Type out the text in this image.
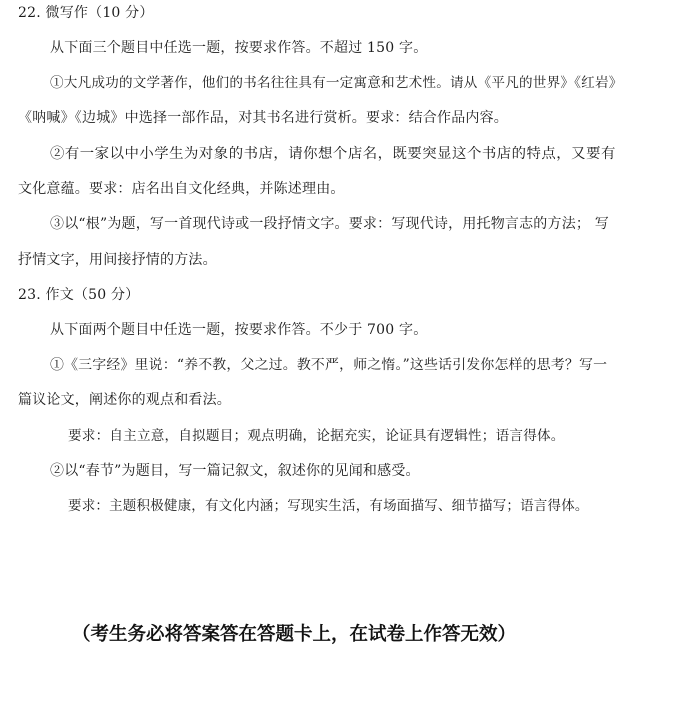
​
22. 微写作（10 分）
从下面三个题目中任选一题，按要求作答。不超过 150 字。
①大凡成功的文学著作，他们的书名往往具有一定寓意和艺术性。请从《平凡的世界》《红岩》
《呐喊》《边城》中选择一部作品，对其书名进行赏析。要求：结合作品内容。
②有一家以中小学生为对象的书店，请你想个店名，既要突显这个书店的特点，又要有
文化意蕴。要求：店名出自文化经典，并陈述理由。
③以“根”为题，写一首现代诗或一段抒情文字。要求：写现代诗，用托物言志的方法； 写
抒情文字，用间接抒情的方法。
23. 作文（50 分）
从下面两个题目中任选一题，按要求作答。不少于 700 字。
①《三字经》里说：“养不教，父之过。教不严，师之惰。”这些话引发你怎样的思考？写一
篇议论文，阐述你的观点和看法。
要求：自主立意，自拟题目；观点明确，论据充实，论证具有逻辑性；语言得体。
②以“春节”为题目，写一篇记叙文，叙述你的见闻和感受。
要求：主题积极健康，有文化内涵；写现实生活，有场面描写、细节描写；语言得体。
（考生务必将答案答在答题卡上，在试卷上作答无效）
